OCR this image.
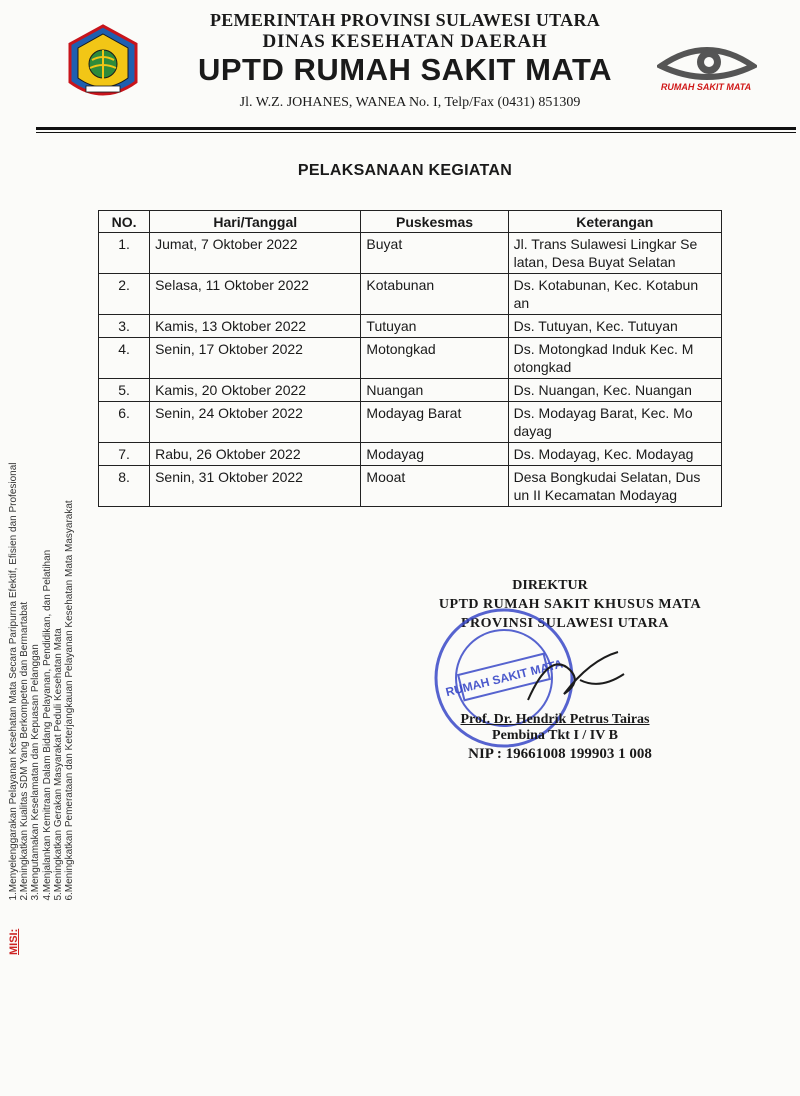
PEMERINTAH PROVINSI SULAWESI UTARA
DINAS KESEHATAN DAERAH
UPTD RUMAH SAKIT MATA
Jl. W.Z. JOHANES, WANEA No. I, Telp/Fax (0431) 851309
RUMAH SAKIT MATA
PELAKSANAAN KEGIATAN
NO.	Hari/Tanggal	Puskesmas	Keterangan
1.	Jumat, 7 Oktober 2022	Buyat	Jl. Trans Sulawesi Lingkar Se
latan, Desa Buyat Selatan

2.	Selasa, 11 Oktober 2022	Kotabunan	Ds. Kotabunan, Kec. Kotabun
an

3.	Kamis, 13 Oktober 2022	Tutuyan	Ds. Tutuyan, Kec. Tutuyan

4.	Senin, 17 Oktober 2022	Motongkad	Ds. Motongkad Induk Kec. M
otongkad

5.	Kamis, 20 Oktober 2022	Nuangan	Ds. Nuangan, Kec. Nuangan

6.	Senin, 24 Oktober 2022	Modayag Barat	Ds. Modayag Barat, Kec. Mo
dayag

7.	Rabu, 26 Oktober 2022	Modayag	Ds. Modayag, Kec. Modayag

8.	Senin, 31 Oktober 2022	Mooat	Desa Bongkudai Selatan, Dus
un II Kecamatan Modayag
DIREKTUR
UPTD RUMAH SAKIT KHUSUS MATA
PROVINSI SULAWESI UTARA
RUMAH SAKIT MATA
Prof. Dr. Hendrik Petrus Tairas
Pembina Tkt I / IV B
NIP : 19661008 199903 1 008
MISI:
1.Menyelenggarakan Pelayanan Kesehatan Mata Secara Paripurna Efektif, Efisien dan Profesional 2.Meningkatkan Kualitas SDM Yang Berkompeten dan Bermartabat 3.Mengutamakan Keselamatan dan Kepuasan Pelanggan 4.Menjalankan Kemitraan Dalam Bidang Pelayanan, Pendidikan, dan Pelatihan 5.Meningkatkan Gerakan Masyarakat Peduli Kesehatan Mata 6.Meningkatkan Pemerataan dan Keterjangkauan Pelayanan Kesehatan Mata Masyarakat
